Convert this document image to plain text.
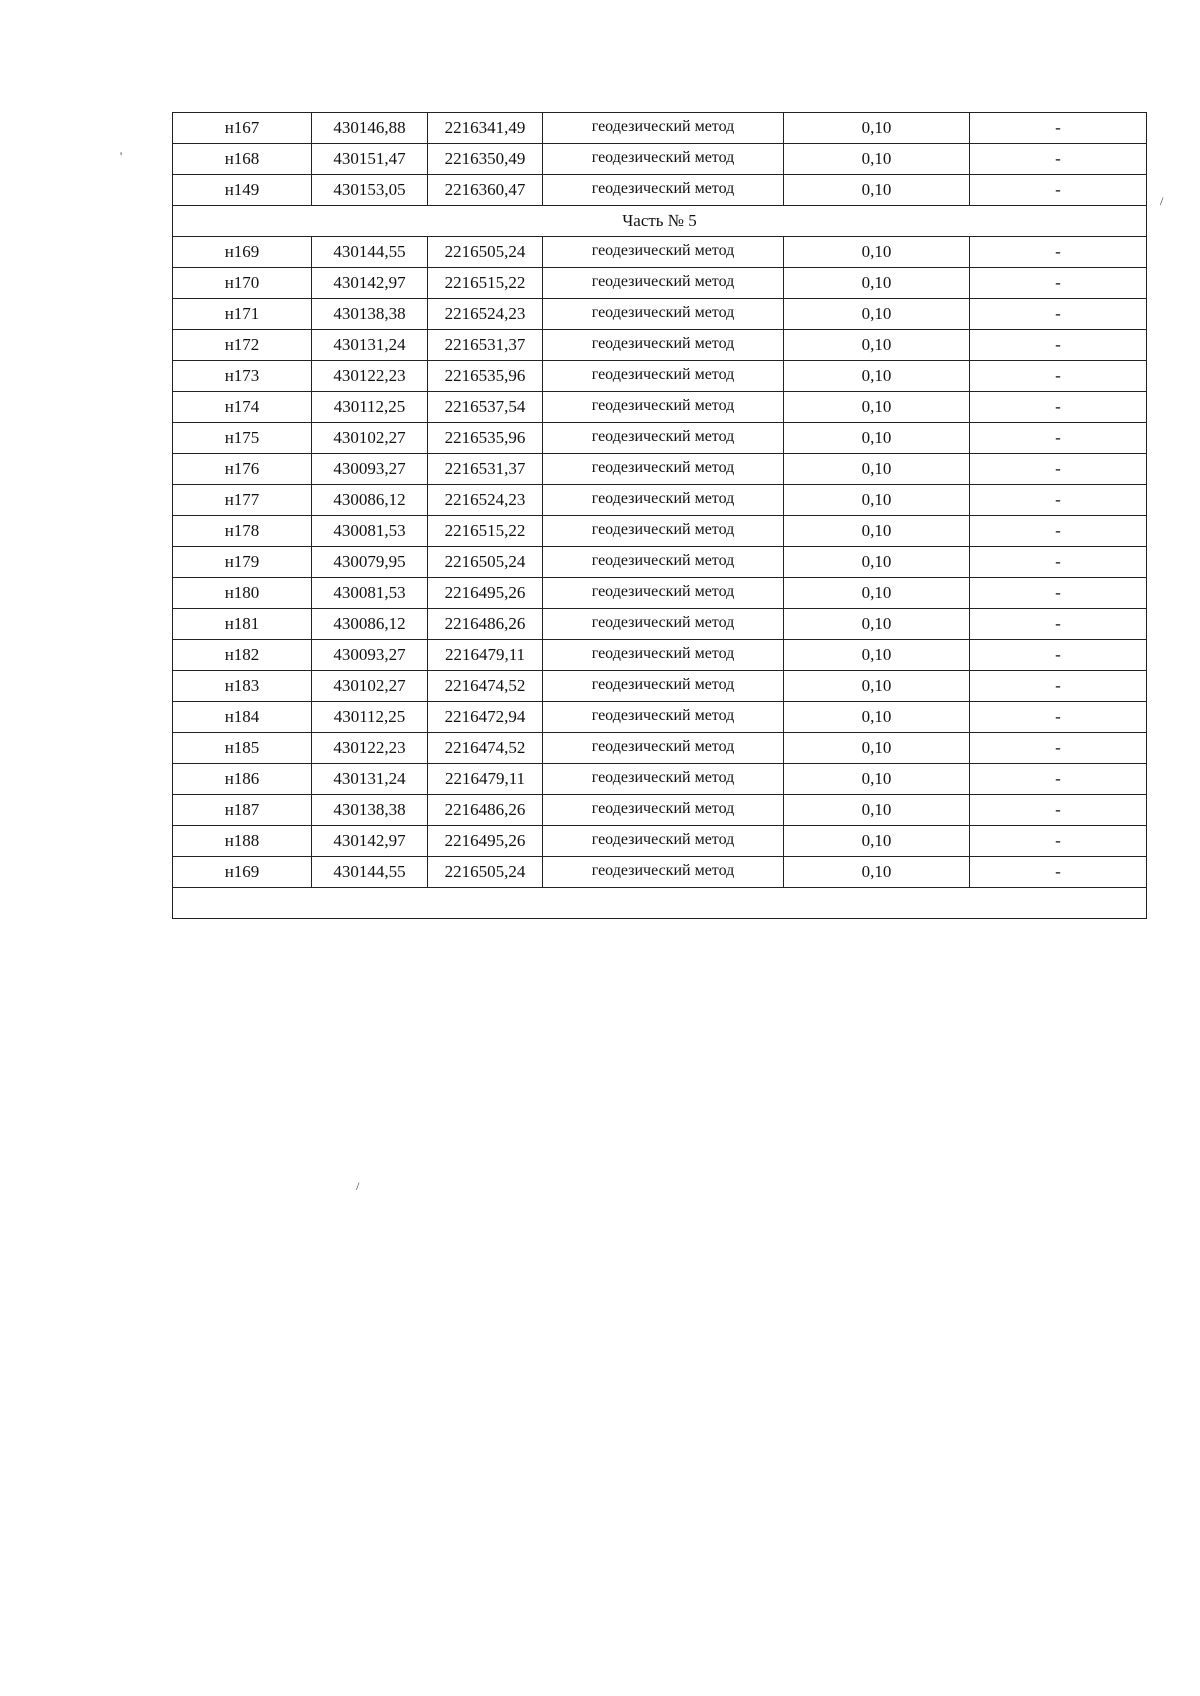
н167	430146,88	2216341,49	геодезический метод	0,10	-
н168	430151,47	2216350,49	геодезический метод	0,10	-
н149	430153,05	2216360,47	геодезический метод	0,10	-
Часть № 5					
н169	430144,55	2216505,24	геодезический метод	0,10	-
н170	430142,97	2216515,22	геодезический метод	0,10	-
н171	430138,38	2216524,23	геодезический метод	0,10	-
н172	430131,24	2216531,37	геодезический метод	0,10	-
н173	430122,23	2216535,96	геодезический метод	0,10	-
н174	430112,25	2216537,54	геодезический метод	0,10	-
н175	430102,27	2216535,96	геодезический метод	0,10	-
н176	430093,27	2216531,37	геодезический метод	0,10	-
н177	430086,12	2216524,23	геодезический метод	0,10	-
н178	430081,53	2216515,22	геодезический метод	0,10	-
н179	430079,95	2216505,24	геодезический метод	0,10	-
н180	430081,53	2216495,26	геодезический метод	0,10	-
н181	430086,12	2216486,26	геодезический метод	0,10	-
н182	430093,27	2216479,11	геодезический метод	0,10	-
н183	430102,27	2216474,52	геодезический метод	0,10	-
н184	430112,25	2216472,94	геодезический метод	0,10	-
н185	430122,23	2216474,52	геодезический метод	0,10	-
н186	430131,24	2216479,11	геодезический метод	0,10	-
н187	430138,38	2216486,26	геодезический метод	0,10	-
н188	430142,97	2216495,26	геодезический метод	0,10	-
н169	430144,55	2216505,24	геодезический метод	0,10	-

'
/
/
